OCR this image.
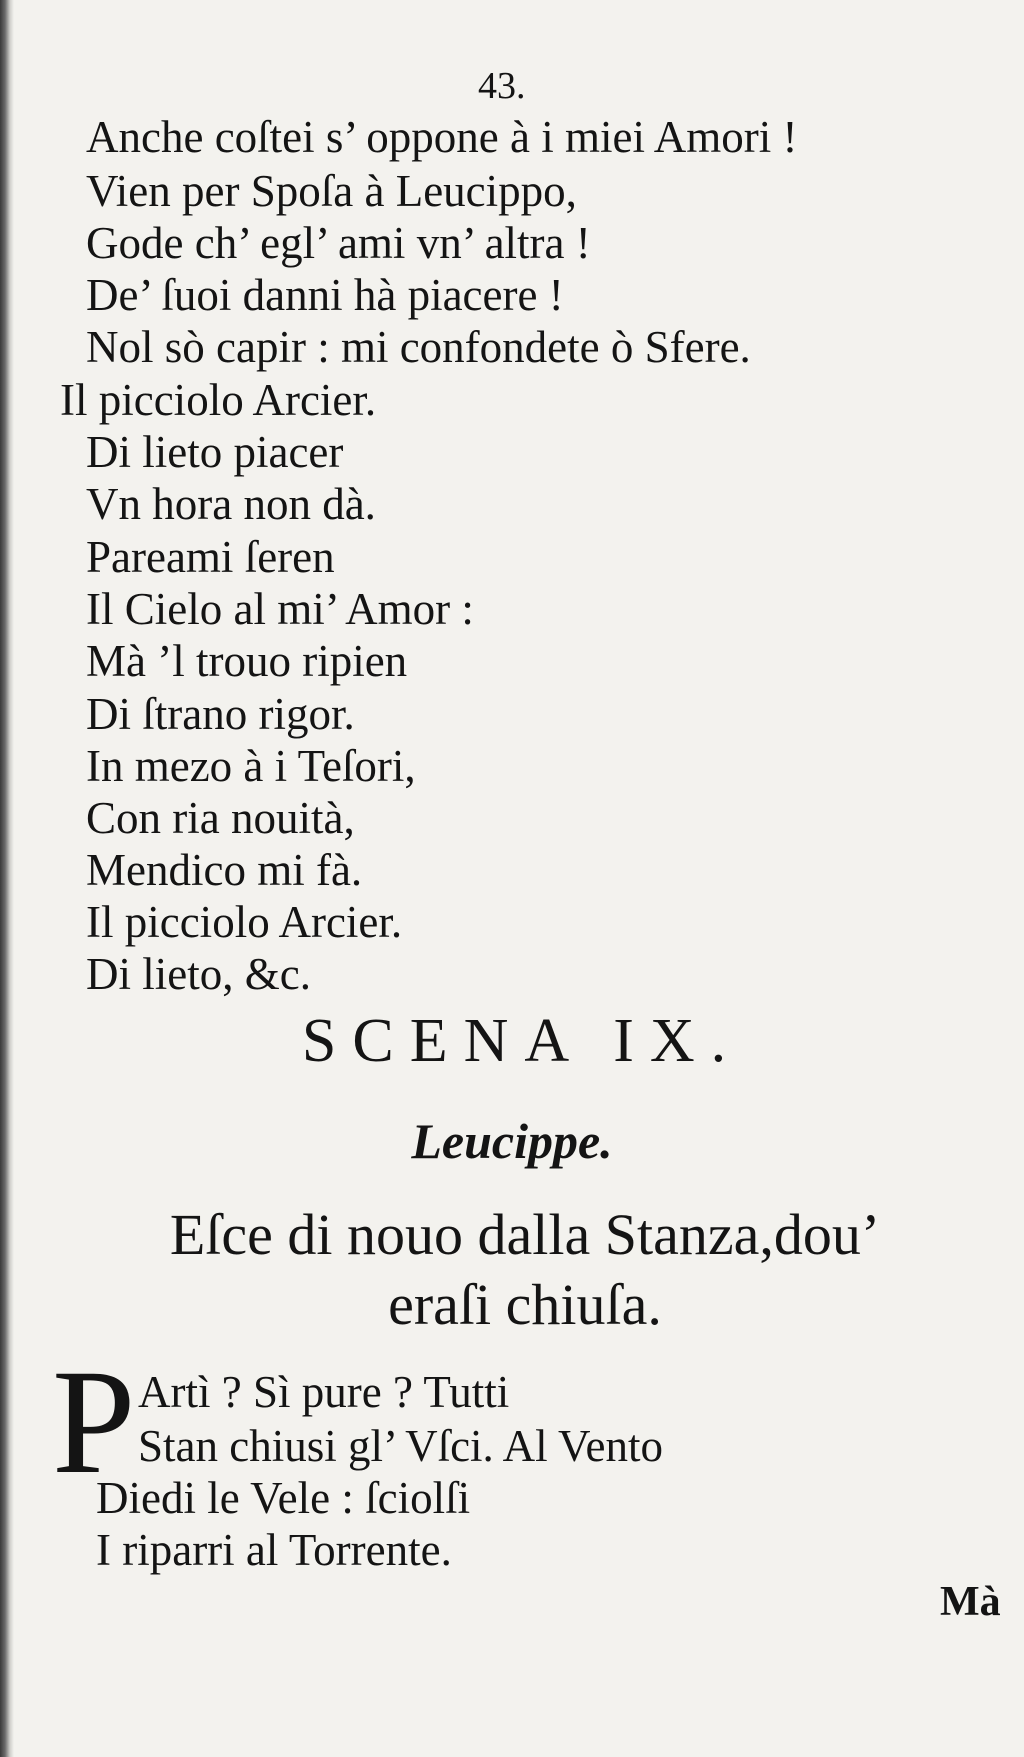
43.
Anche coſtei s’ oppone à i miei Amori !
Vien per Spoſa à Leucippo,
Gode ch’ egl’ ami vn’ altra !
De’ ſuoi danni hà piacere !
Nol sò capir : mi confondete ò Sfere.
Il picciolo Arcier.
Di lieto piacer
Vn hora non dà.
Pareami ſeren
Il Cielo al mi’ Amor :
Mà ’l trouo ripien
Di ſtrano rigor.
In mezo à i Teſori,
Con ria nouità,
Mendico mi fà.
Il picciolo Arcier.
Di lieto, &c.
SCENA IX.
Leucippe.
Eſce di nouo dalla Stanza,dou’
eraſi chiuſa.
P Artì ? Sì pure ? Tutti
Stan chiusi gl’ Vſci. Al Vento
Diedi le Vele : ſciolſi
I riparri al Torrente.
Mà
